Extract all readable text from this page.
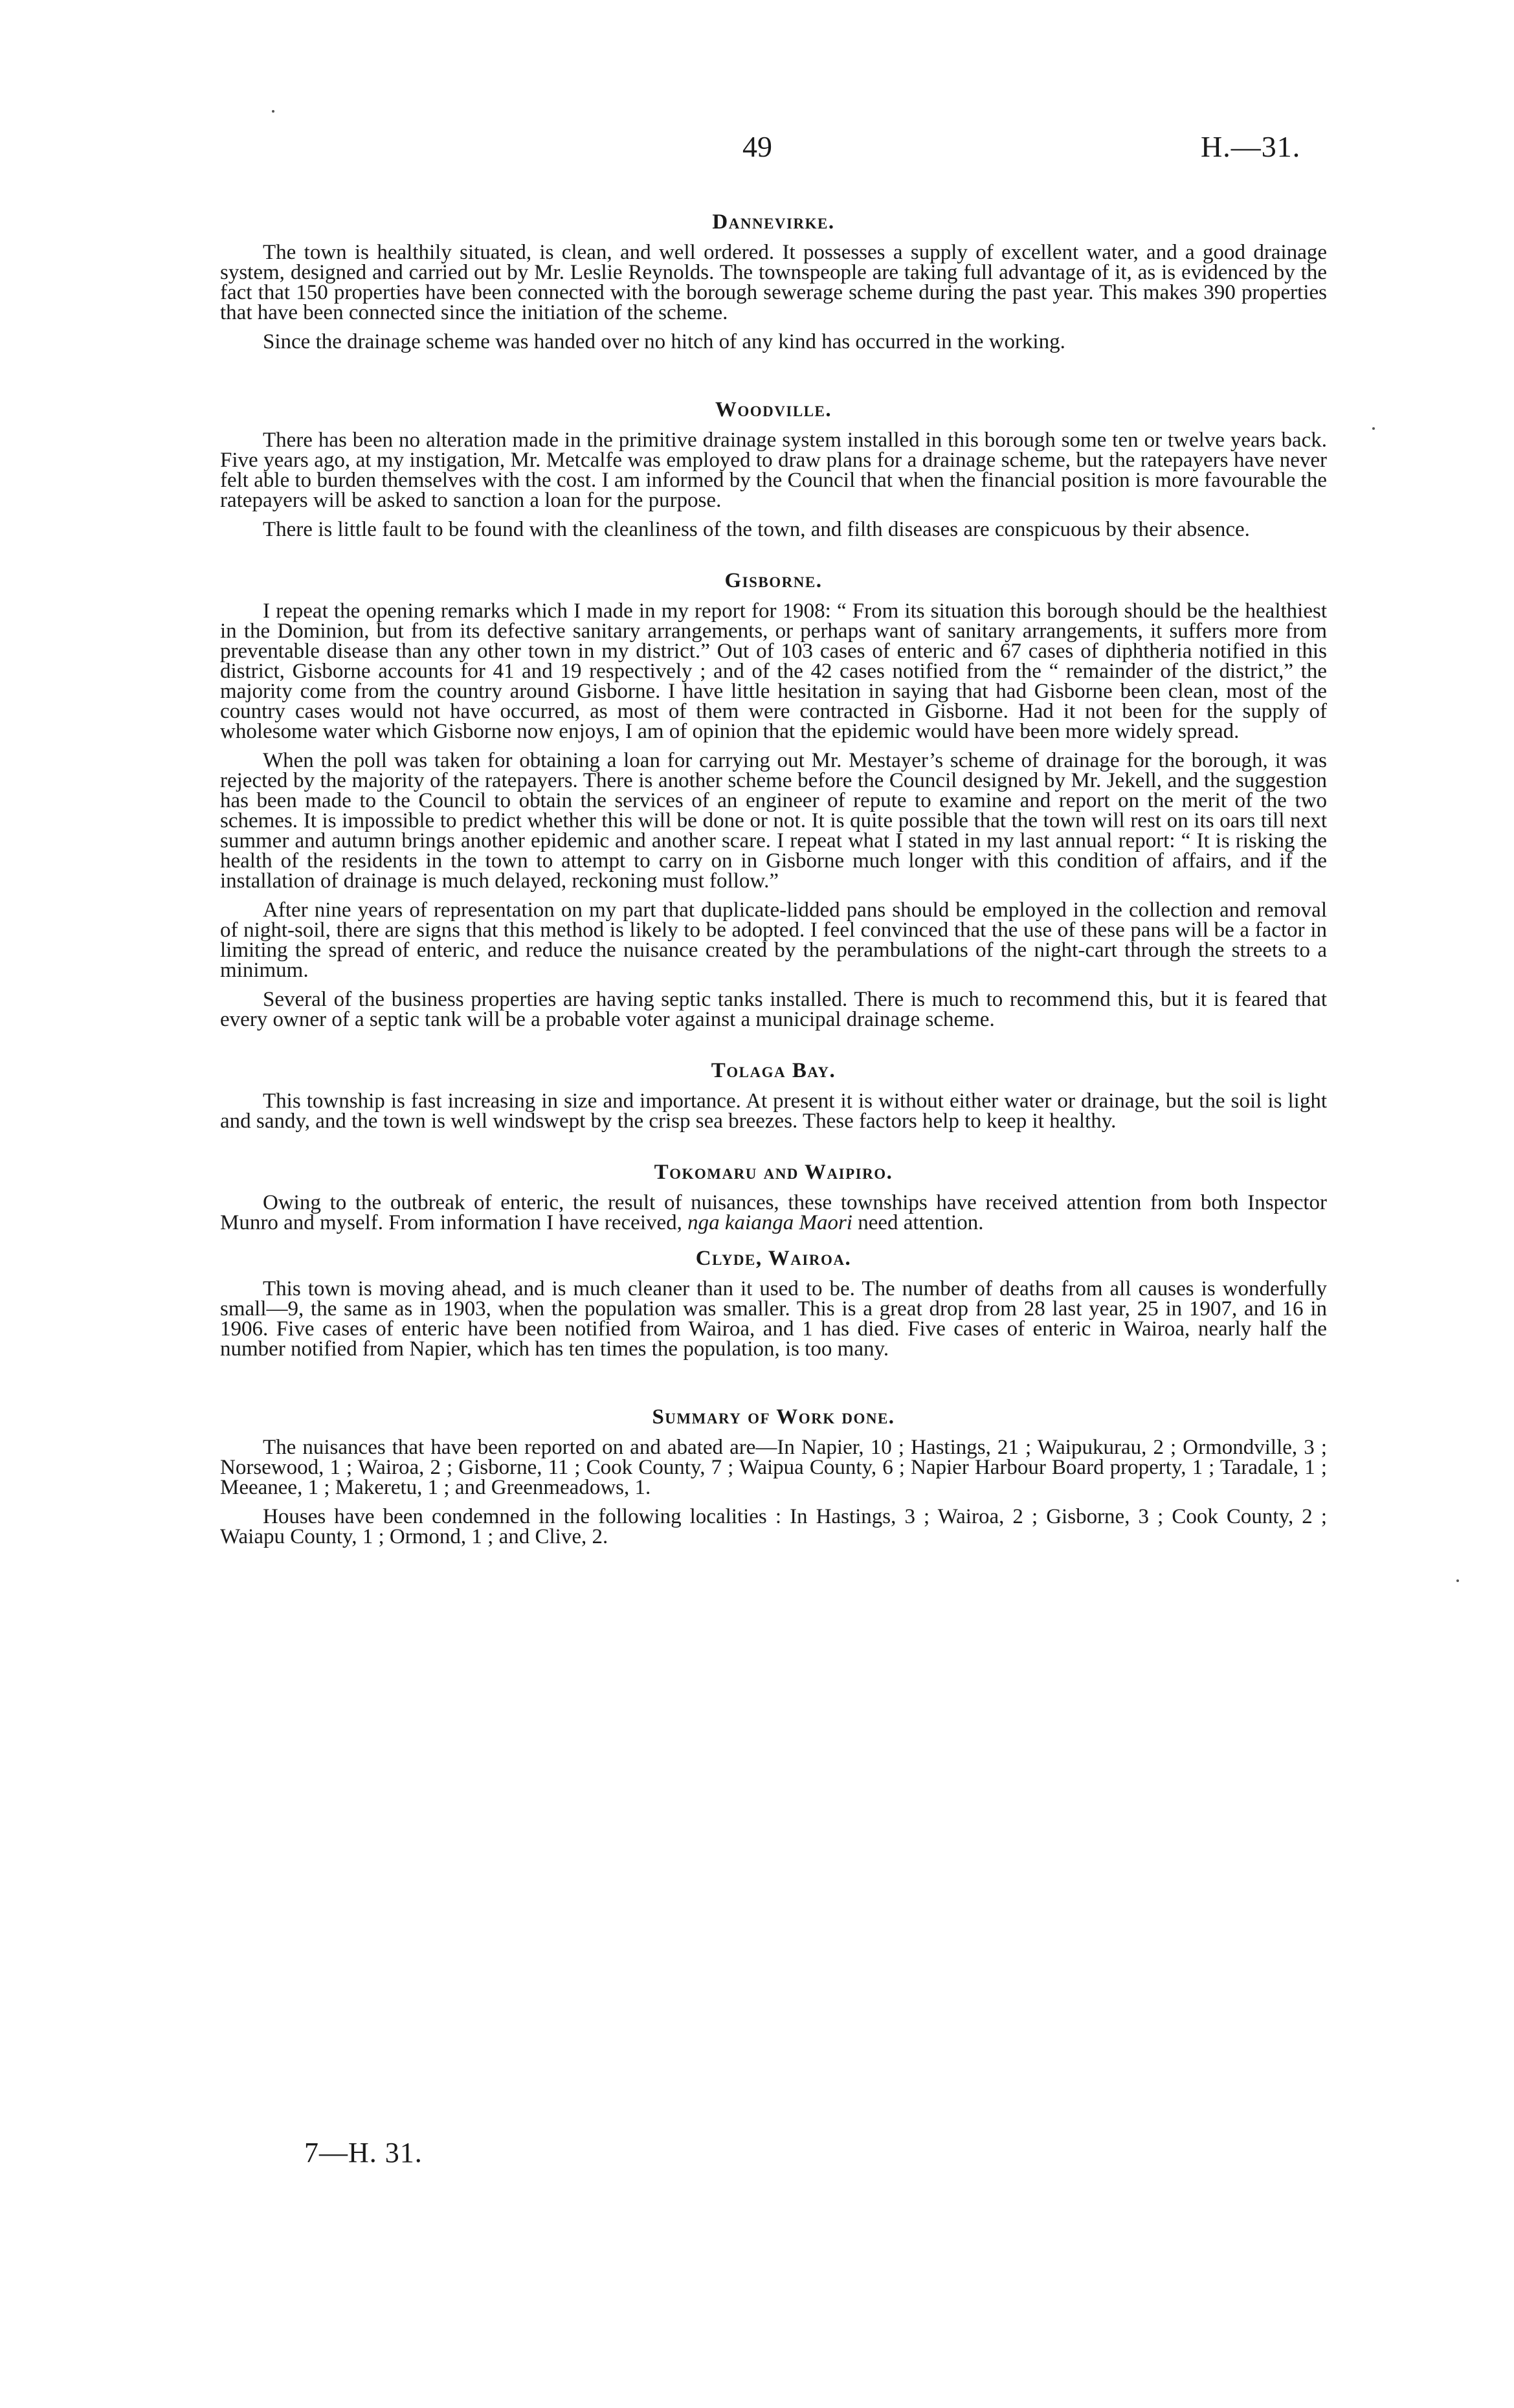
49	H.—31.
Dannevirke.

The town is healthily situated, is clean, and well ordered. It possesses a supply of excellent water, and a good drainage system, designed and carried out by Mr. Leslie Reynolds. The townspeople are taking full advantage of it, as is evidenced by the fact that 150 properties have been connected with the borough sewerage scheme during the past year. This makes 390 properties that have been connected since the initiation of the scheme.

Since the drainage scheme was handed over no hitch of any kind has occurred in the working.

Woodville.

There has been no alteration made in the primitive drainage system installed in this borough some ten or twelve years back. Five years ago, at my instigation, Mr. Metcalfe was employed to draw plans for a drainage scheme, but the ratepayers have never felt able to burden themselves with the cost. I am informed by the Council that when the financial position is more favourable the ratepayers will be asked to sanction a loan for the purpose.

There is little fault to be found with the cleanliness of the town, and filth diseases are conspicuous by their absence.

Gisborne.

I repeat the opening remarks which I made in my report for 1908: “ From its situation this borough should be the healthiest in the Dominion, but from its defective sanitary arrangements, or perhaps want of sanitary arrangements, it suffers more from preventable disease than any other town in my district.” Out of 103 cases of enteric and 67 cases of diphtheria notified in this district, Gisborne accounts for 41 and 19 respectively ; and of the 42 cases notified from the “ remainder of the district,” the majority come from the country around Gisborne. I have little hesitation in saying that had Gisborne been clean, most of the country cases would not have occurred, as most of them were contracted in Gisborne. Had it not been for the supply of wholesome water which Gisborne now enjoys, I am of opinion that the epidemic would have been more widely spread.

When the poll was taken for obtaining a loan for carrying out Mr. Mestayer’s scheme of drainage for the borough, it was rejected by the majority of the ratepayers. There is another scheme before the Council designed by Mr. Jekell, and the suggestion has been made to the Council to obtain the services of an engineer of repute to examine and report on the merit of the two schemes. It is impossible to predict whether this will be done or not. It is quite possible that the town will rest on its oars till next summer and autumn brings another epidemic and another scare. I repeat what I stated in my last annual report: “ It is risking the health of the residents in the town to attempt to carry on in Gisborne much longer with this condition of affairs, and if the installation of drainage is much delayed, reckoning must follow.”

After nine years of representation on my part that duplicate-lidded pans should be employed in the collection and removal of night-soil, there are signs that this method is likely to be adopted. I feel convinced that the use of these pans will be a factor in limiting the spread of enteric, and reduce the nuisance created by the perambulations of the night-cart through the streets to a minimum.

Several of the business properties are having septic tanks installed. There is much to recommend this, but it is feared that every owner of a septic tank will be a probable voter against a municipal drainage scheme.

Tolaga Bay.

This township is fast increasing in size and importance. At present it is without either water or drainage, but the soil is light and sandy, and the town is well windswept by the crisp sea breezes. These factors help to keep it healthy.

Tokomaru and Waipiro.

Owing to the outbreak of enteric, the result of nuisances, these townships have received attention from both Inspector Munro and myself. From information I have received, nga kaianga Maori need attention.

Clyde, Wairoa.

This town is moving ahead, and is much cleaner than it used to be. The number of deaths from all causes is wonderfully small—9, the same as in 1903, when the population was smaller. This is a great drop from 28 last year, 25 in 1907, and 16 in 1906. Five cases of enteric have been notified from Wairoa, and 1 has died. Five cases of enteric in Wairoa, nearly half the number notified from Napier, which has ten times the population, is too many.

Summary of Work done.

The nuisances that have been reported on and abated are—In Napier, 10 ; Hastings, 21 ; Waipukurau, 2 ; Ormondville, 3 ; Norsewood, 1 ; Wairoa, 2 ; Gisborne, 11 ; Cook County, 7 ; Waipua County, 6 ; Napier Harbour Board property, 1 ; Taradale, 1 ; Meeanee, 1 ; Makeretu, 1 ; and Greenmeadows, 1.

Houses have been condemned in the following localities : In Hastings, 3 ; Wairoa, 2 ; Gisborne, 3 ; Cook County, 2 ; Waiapu County, 1 ; Ormond, 1 ; and Clive, 2.

7—H. 31.
